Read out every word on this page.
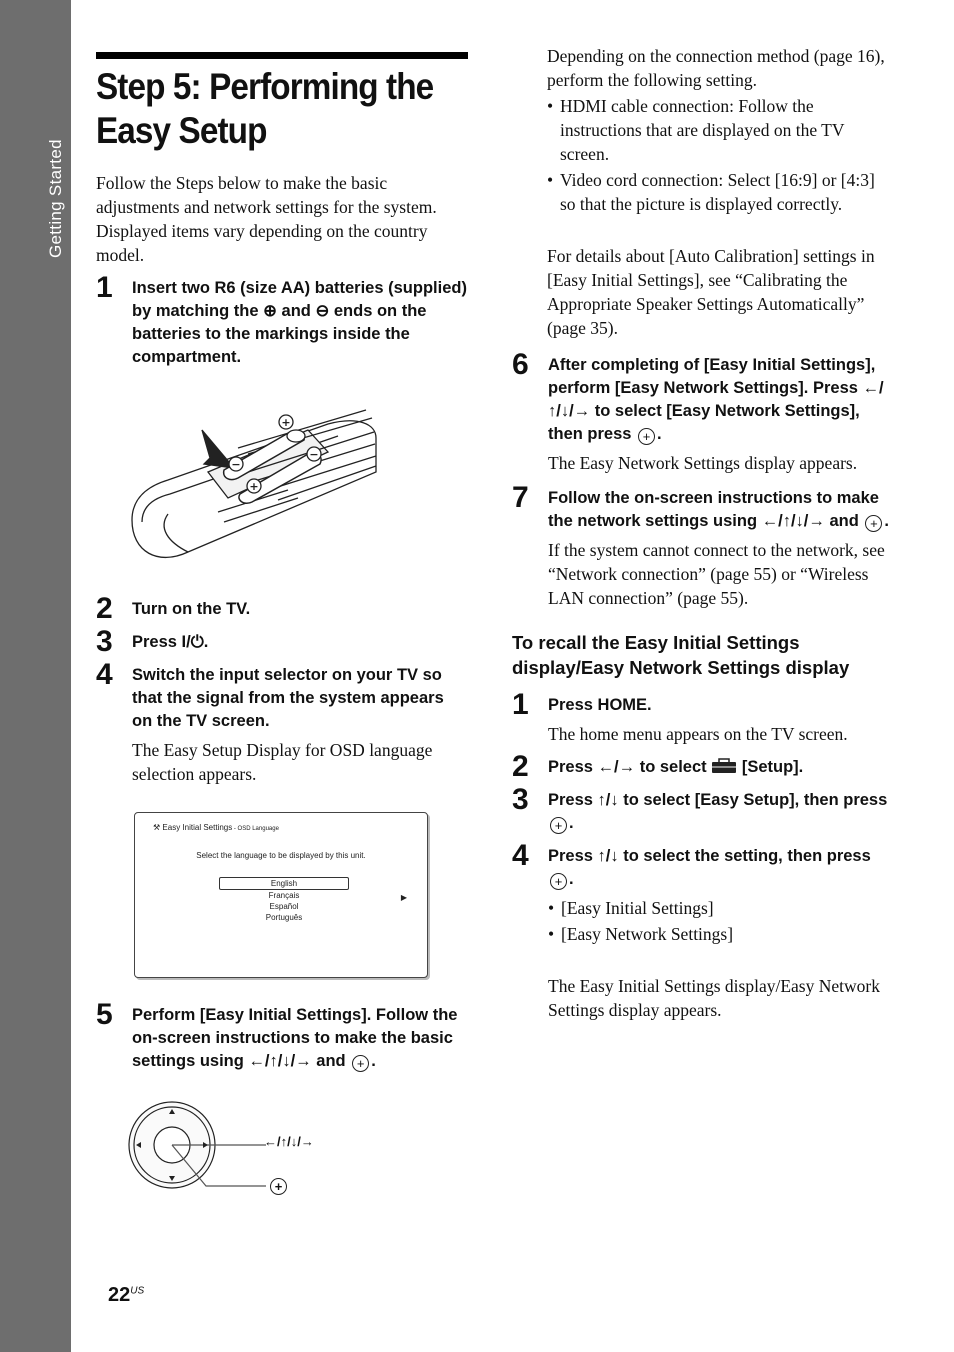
Getting Started
Step 5: Performing the Easy Setup

Follow the Steps below to make the basic adjustments and network settings for the system. Displayed items vary depending on the country model.

1 Insert two R6 (size AA) batteries (supplied) by matching the ⊕ and ⊖ ends on the batteries to the markings inside the compartment.

−
−
+
+
2 Turn on the TV.

3 Press I/⏻.

4 Switch the input selector on your TV so that the signal from the system appears on the TV screen.

The Easy Setup Display for OSD language selection appears.

⚒ Easy Initial Settings - OSD Language
Select the language to be displayed by this unit.
English
Français
Español
Português
▶
5 Perform [Easy Initial Settings]. Follow the on-screen instructions to make the basic settings using ←/↑/↓/→ and + .

←/↑/↓/→
+

Depending on the connection method (page 16), perform the following setting.

• HDMI cable connection: Follow the instructions that are displayed on the TV screen.

• Video cord connection: Select [16:9] or [4:3] so that the picture is displayed correctly.

For details about [Auto Calibration] settings in [Easy Initial Settings], see “Calibrating the Appropriate Speaker Settings Automatically” (page 35).

6 After completing of [Easy Initial Settings], perform [Easy Network Settings]. Press ←/↑/↓/→ to select [Easy Network Settings], then press + .

The Easy Network Settings display appears.

7 Follow the on-screen instructions to make the network settings using ←/↑/↓/→ and + .

If the system cannot connect to the network, see “Network connection” (page 55) or “Wireless LAN connection” (page 55).

To recall the Easy Initial Settings display/Easy Network Settings display
1 Press HOME.

The home menu appears on the TV screen.

2 Press ←/→ to select  [Setup].

3 Press ↑/↓ to select [Easy Setup], then press + .

4 Press ↑/↓ to select the setting, then press + .

• [Easy Initial Settings]

• [Easy Network Settings]

The Easy Initial Settings display/Easy Network Settings display appears.

$22^{US}$
